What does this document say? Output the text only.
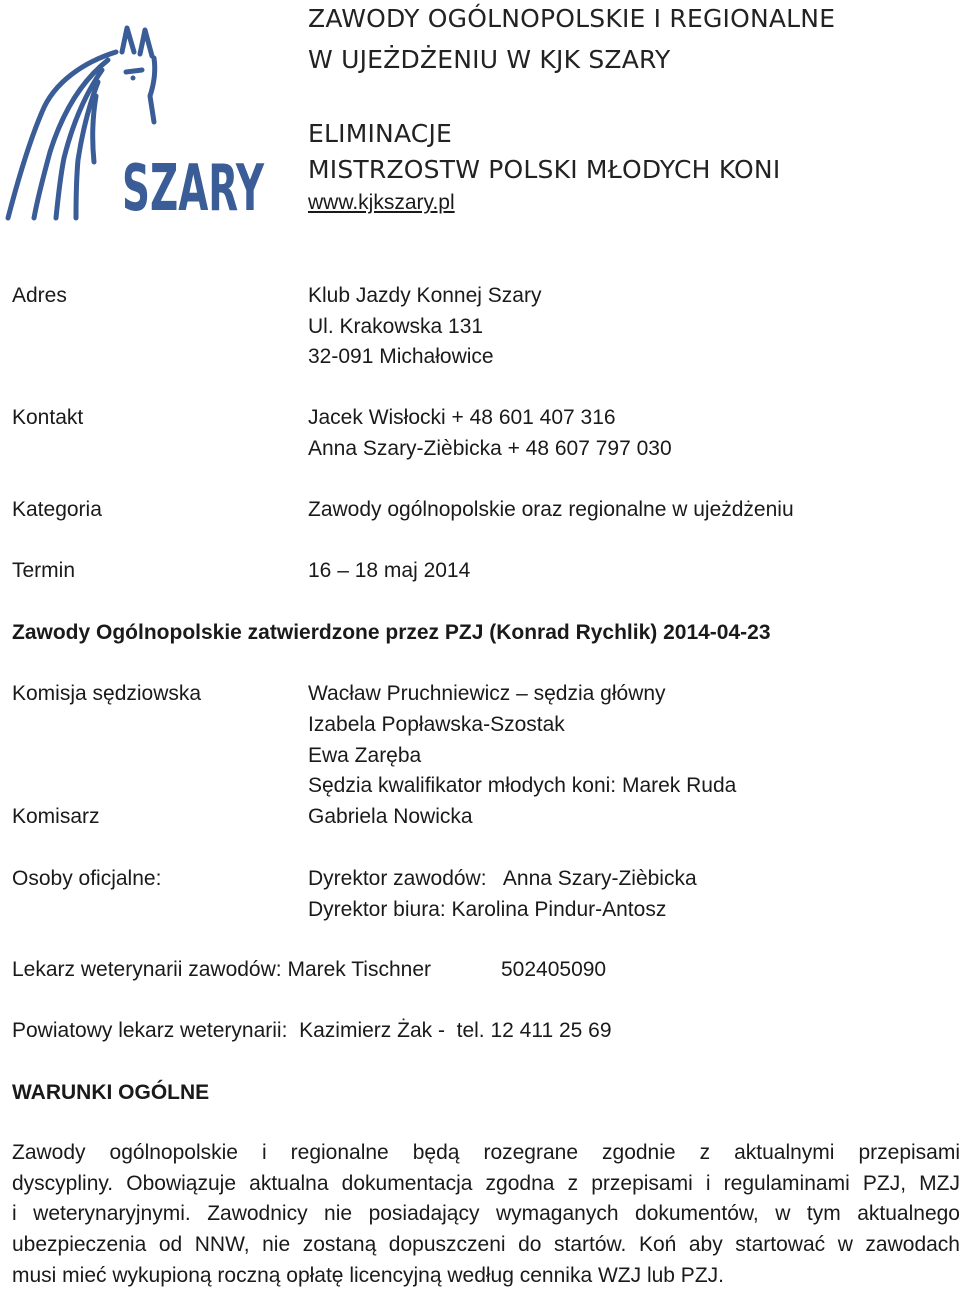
SZARY
ZAWODY OGÓLNOPOLSKIE I REGIONALNE
W UJEŻDŻENIU W KJK SZARY
ELIMINACJE
MISTRZOSTW POLSKI MŁODYCH KONI
www.kjkszary.pl
Adres	Klub Jazdy Konnej Szary
Ul. Krakowska 131
32-091 Michałowice
Kontakt	Jacek Wisłocki + 48 601 407 316
Anna Szary-Zièbicka + 48 607 797 030
Kategoria	Zawody ogólnopolskie oraz regionalne w ujeżdżeniu
Termin	16 – 18 maj 2014
Zawody Ogólnopolskie zatwierdzone przez PZJ (Konrad Rychlik) 2014-04-23
Komisja sędziowska	Wacław Pruchniewicz – sędzia główny
Izabela Popławska-Szostak
Ewa Zaręba
Sędzia kwalifikator młodych koni: Marek Ruda
Komisarz	Gabriela Nowicka
Osoby oficjalne:	Dyrektor zawodów:   Anna Szary-Zièbicka
Dyrektor biura: Karolina Pindur-Antosz
Lekarz weterynarii zawodów: Marek Tischner	502405090
Powiatowy lekarz weterynarii:  Kazimierz Żak -  tel. 12 411 25 69
WARUNKI OGÓLNE

Zawody ogólnopolskie i regionalne będą rozegrane zgodnie z aktualnymi przepisami

dyscypliny. Obowiązuje aktualna dokumentacja zgodna z przepisami i regulaminami PZJ, MZJ

i weterynaryjnymi. Zawodnicy nie posiadający wymaganych dokumentów, w tym aktualnego

ubezpieczenia od NNW, nie zostaną dopuszczeni do startów. Koń aby startować w zawodach

musi mieć wykupioną roczną opłatę licencyjną według cennika WZJ lub PZJ.
